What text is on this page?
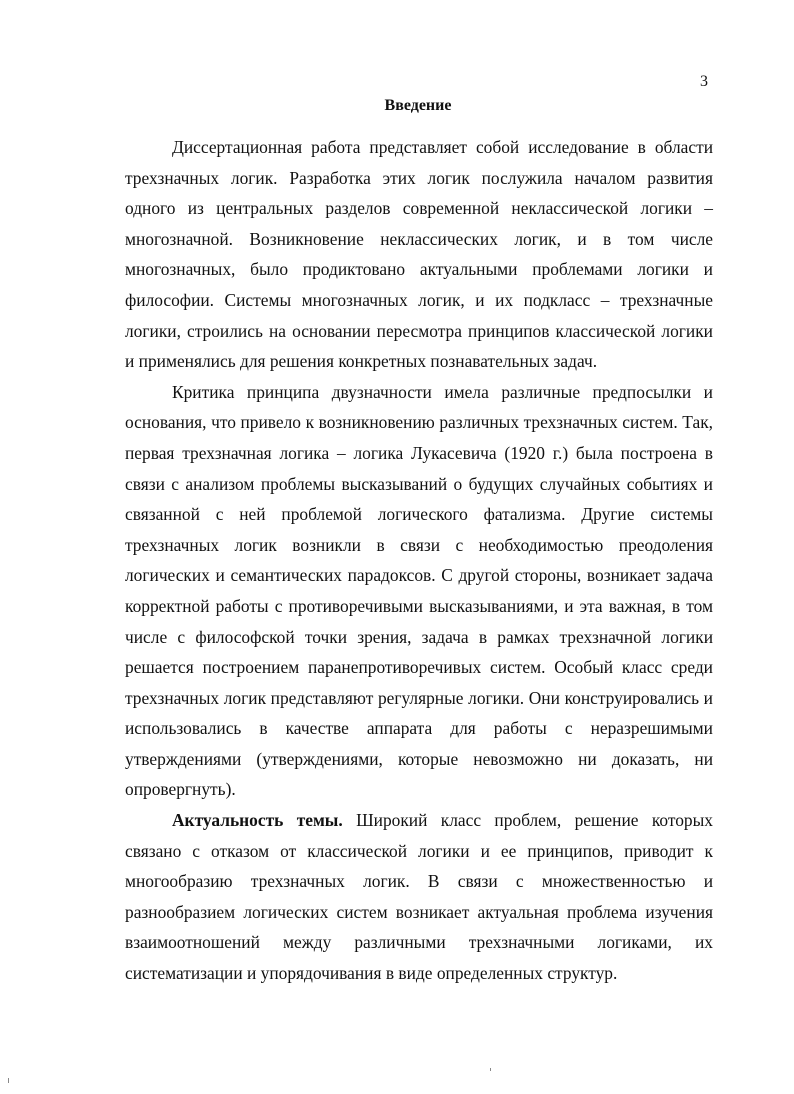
3
Введение

Диссертационная работа представляет собой исследование в области трехзначных логик. Разработка этих логик послужила началом развития одного из центральных разделов современной неклассической логики – многозначной. Возникновение неклассических логик, и в том числе многозначных, было продиктовано актуальными проблемами логики и философии. Системы многозначных логик, и их подкласс – трехзначные логики, строились на основании пересмотра принципов классической логики и применялись для решения конкретных познавательных задач.

Критика принципа двузначности имела различные предпосылки и основания, что привело к возникновению различных трехзначных систем. Так, первая трехзначная логика – логика Лукасевича (1920 г.) была построена в связи с анализом проблемы высказываний о будущих случайных событиях и связанной с ней проблемой логического фатализма. Другие системы трехзначных логик возникли в связи с необходимостью преодоления логических и семантических парадоксов. С другой стороны, возникает задача корректной работы с противоречивыми высказываниями, и эта важная, в том числе с философской точки зрения, задача в рамках трехзначной логики решается построением паранепротиворечивых систем. Особый класс среди трехзначных логик представляют регулярные логики. Они конструировались и использовались в качестве аппарата для работы с неразрешимыми утверждениями (утверждениями, которые невозможно ни доказать, ни опровергнуть).

Актуальность темы. Широкий класс проблем, решение которых связано с отказом от классической логики и ее принципов, приводит к многообразию трехзначных логик. В связи с множественностью и разнообразием логических систем возникает актуальная проблема изучения взаимоотношений между различными трехзначными логиками, их систематизации и упорядочивания в виде определенных структур.
